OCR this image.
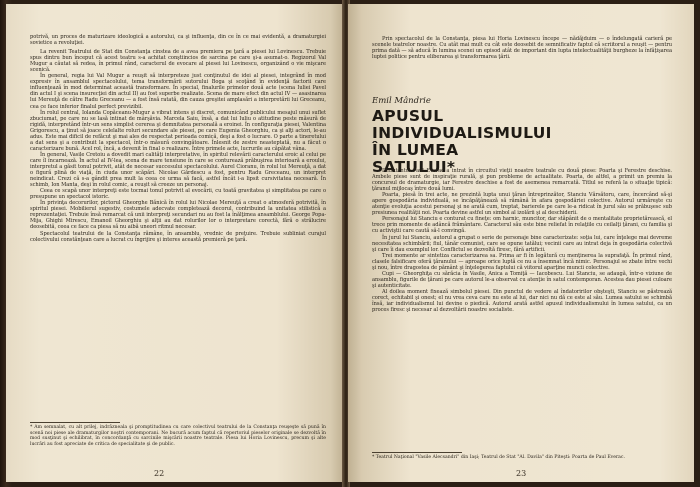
potrivă, un proces de maturizare ideologică a autorului, ca şi influenţa, din ce în ce mai evidentă, a dramaturgiei sovietice a revoluţiei.

La revenit Teatrului de Stat din Constanţa cinstea de a avea premiera pe ţară a piesei lui Lovinescu. Trebuie spus dintru bun început că acest teatru s-a achitat conştiincios de sarcina pe care şi-a asumat-o. Regizorul Val Mugur a căutat să redea, în primul rând, caracterul de evocare al piesei lui Lovinescu, organizând o vie mişcare scenică.

În general, regia lui Val Mugur a reuşit să interpreteze just conţinutul de idei al piesei, integrând în mod expresiv în ansamblul spectacolului, tema transformării sutorului Boga şi scoţând în evidenţă factorii care influenţează în mod determinat această transformare. În special, finalurile primelor două acte (scena Iuliei Pavel din actul I şi scena insurecţiei din actul II) au fost superbe realizate. Scena de mare efect din actul IV — asasinarea lui Mereuţă de către Radu Greceanu — a fost însă ratată, din cauza greşitei amplasări a interpretării lui Greceanu, cea ce face inferior finalul perfect previzibil.

În rolul central, Iolanda Copăceanu-Mugur a vibrat intens şi discret, comunicând publicului mesajul unui suflet zbuciumat, pe care nu se lasă intinat de mârşăvia. Marcela Saiu, însă, a dat lui Iuliu o atitudine peste măsură de rigidă, interpretând într-un sens simplist cererea şi demnitatea personală a eroinei. În configuraţia piesei, Valentina Grigorescu, a ţinut să joace celelalte roluri secundare ale piesei, pe care Eugenia Gheorghiu, ca şi alţi actori, le-au adus. Este mai dificil de refăcut şi mai ales de respectat perioada comică, deşi a fost o lucrare. O parte a tineretului a dat sens şi a contribuit la spectacol, într-o măsură convingătoare. Înlesnit de zestre neasteptată, nu a făcut o caracterizare bună. Acel rol, încă, a devenit în final o realizare. Între primele acte, lucrurile au căpătat vâna.

În general, Vasile Cretoiu a dovedit mari calităţi interpretative, în spiritul relevării caracterului eroic al celui pe care îl încarnează. În actul al IV-lea, scena de mare tensiune în care se conturează prăbuşirea interioară a eroului, interpretul a găsit tonul potrivit, atât de necesar succesului spectacolului. Aurel Cioranu, în rolul lui Mereuţă, a dat o figură plină de viaţă, în ciuda unor scăpări. Nicolae Gărdescu a fost, pentru Radu Greceanu, un interpret neindicat. Crezi că s-a gândit prea mult la ceea ce urma să facă, astfel încât i-a lipsit cursivitatea necesară. În schimb, Ion Manta, deşi în rolul comic, a reuşit să creeze un personaj.

Ceea ce scapă unor interpreţi este tocmai tonul potrivit al evocării, cu toată gravitatea şi simplitatea pe care o presupune un spectacol istoric.

În privinţa decorurilor, pictorul Gheorghe Bănică în rolul lui Nicolae Mereuţă a creat o atmosferă potrivită, în spiritul piesei. Mobilierul sugestiv, costumele adecvate completează decorul, contribuind la unitatea stilistică a reprezentaţiei. Trebuie însă remarcat că unii interpreţi secundari nu au fost la înălţimea ansamblului. George Popa-Mija, Ghighi Mirescu, Emanoil Gheorghiu şi alţii au dat rolurilor lor o interpretare corectă, fără o strălucire deosebită, ceea ce face ca piesa să nu aibă uneori ritmul necesar.

Spectacolul teatrului de la Constanţa rămâne, în ansamblu, vrednic de preţuire. Trebuie subliniat curajul colectivului constănţean care a lucrat cu îngrijire şi interes această premieră pe ţară.

* Am semnalat, cu alt prilej, indrăzneala şi promptitudinea cu care colectivul teatrului de la Constanţa reuşeşte să pună în scenă noi piese ale dramaturgilor noştri contemporani. Ne bucură acum faptul că repertoriul pieselor originale se dezvoltă în mod susţinut şi echilibrat, în concordanţă cu sarcinile mişcării noastre teatrale. Piesa lui Horia Lovinescu, precum şi alte lucrări au fost apreciate de critica de specialitate şi de public.
22

Prin spectacolul de la Constanţa, piesa lui Horia Lovinescu începe — nădăjduim — o îndelungată carieră pe scenele teatrelor noastre. Cu atât mai mult cu cât este deosebit de semnificativ faptul că scriitorul a reuşit — pentru prima dată — să aducă în lumina scenei un episod atât de important din lupta intelectualităţii burgheze la înfăţişarea luptei politice pentru eliberarea şi transformarea ţării.

Emil Mândrie
APUSUL INDIVIDUALISMULUI ÎN LUMEA SATULUI*

Debutantul Paul Everac a intrat în circuitul vieţii noastre teatrale cu două piese: Poarta şi Ferestre deschise. Ambele piese sunt de inspiraţie rurală, şi pun probleme de actualitate. Poarta, de altfel, a primit un premiu la concursul de dramaturgie, iar Ferestre deschise a fost de asemenea remarcată. Titlul se referă la o situaţie tipică: ţăranul mijlocaş între două lumi.

Poarta, piesă în trei acte, ne prezintă lupta unui ţăran întreprinzător, Stanciu Vărsătoru, care, încercând să-şi apere gospodăria individuală, se încăpăţânează să rămână în afara gospodăriei colective. Autorul urmăreşte cu atenţie evoluţia acestui personaj şi ne arată cum, treptat, barierele pe care le-a ridicat în jurul său se prăbuşesc sub presiunea realităţii noi. Poarta devine astfel un simbol al izolării şi al deschiderii.

Personajul lui Stanciu e conturat cu fineţe: om harnic, muncitor, dar stăpânit de o mentalitate proprietărească, el trece prin momente de adâncă frământare. Caracterul său este bine reliefat în relaţiile cu ceilalţi ţărani, cu familia şi cu activiştii care caută să-l convingă.

În jurul lui Stanciu, autorul a grupat o serie de personaje bine caracterizate: soţia lui, care înţelege mai devreme necesitatea schimbării; fiul, tânăr comunist, care se opune tatălui; vecinii care au intrat deja în gospodăria colectivă şi care îi dau exemplul lor. Conflictul se dezvoltă firesc, fără artificii.

Trei momente ar sintetiza caracterizarea sa. Prima ar fi în legătură cu menţinerea la suprafaţă. În primul rând, clasele falsificare oferă ţăranului — aproape orice luptă ce nu a însemnat încă nimic. Personajul se zbate între vechi şi nou, între dragostea de pământ şi înţelegerea faptului că viitorul aparţine muncii colective.

Cupi — Gheorghiţa cu sărăcia în Vasile, Anica a Tomiţă — Iacobescu. Lui Stanciu, se adaugă, într-o viziune de ansamblu, figurile de ţărani pe care autorul le-a observat cu atenţie în satul contemporan. Acestea dau piesei culoare şi autenticitate.

Al doilea moment fixează simbolul piesei. Din punctul de vedere al îndatoririlor obşteşti, Stanciu se păstrează corect, echitabil şi onest; el nu vrea ceva care nu este al lui, dar nici nu dă ce este al său. Lumea satului se schimbă însă, iar individualismul lui devine o piedică. Autorul arată astfel apusul individualismului în lumea satului, ca un proces firesc şi necesar al dezvoltării noastre socialiste.

* Teatrul Naţional "Vasile Alecsandri" din Iaşi; Teatrul de Stat "Al. Davila" din Piteşti: Poarta de Paul Everac.
23
